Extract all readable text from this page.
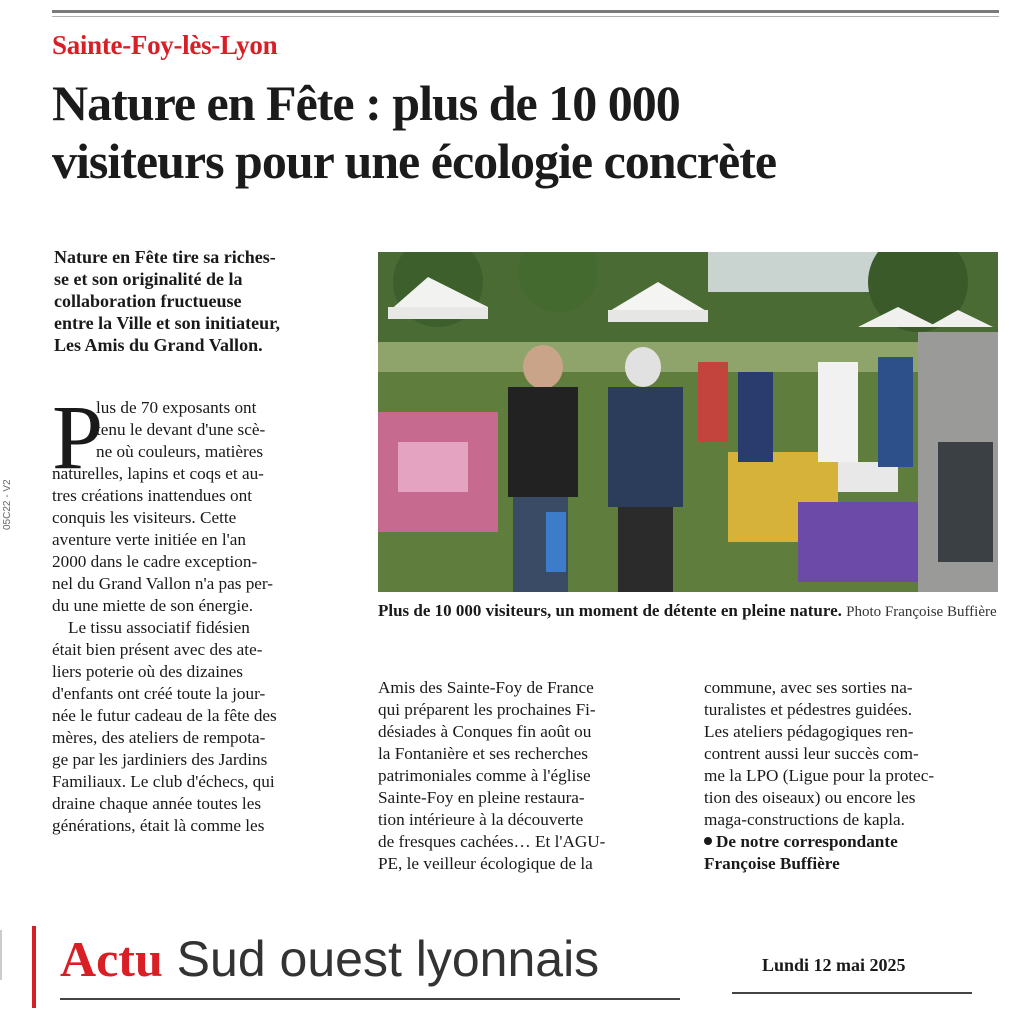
Sainte-Foy-lès-Lyon
Nature en Fête : plus de 10 000
visiteurs pour une écologie concrète
05C22 - V2
Nature en Fête tire sa riches-
se et son originalité de la
collaboration fructueuse
entre la Ville et son initiateur,
Les Amis du Grand Vallon.
Plus de 10 000 visiteurs, un moment de détente en pleine nature. Photo Françoise Buffière
P
lus de 70 exposants ont
tenu le devant d'une scè-
ne où couleurs, matières
naturelles, lapins et coqs et au-
tres créations inattendues ont
conquis les visiteurs. Cette
aventure verte initiée en l'an
2000 dans le cadre exception-
nel du Grand Vallon n'a pas per-
du une miette de son énergie.
Le tissu associatif fidésien
était bien présent avec des ate-
liers poterie où des dizaines
d'enfants ont créé toute la jour-
née le futur cadeau de la fête des
mères, des ateliers de rempota-
ge par les jardiniers des Jardins
Familiaux. Le club d'échecs, qui
draine chaque année toutes les
générations, était là comme les
Amis des Sainte-Foy de France
qui préparent les prochaines Fi-
désiades à Conques fin août ou
la Fontanière et ses recherches
patrimoniales comme à l'église
Sainte-Foy en pleine restaura-
tion intérieure à la découverte
de fresques cachées… Et l'AGU-
PE, le veilleur écologique de la
commune, avec ses sorties na-
turalistes et pédestres guidées.
Les ateliers pédagogiques ren-
contrent aussi leur succès com-
me la LPO (Ligue pour la protec-
tion des oiseaux) ou encore les
maga-constructions de kapla.
De notre correspondante
Françoise Buffière
Actu Sud ouest lyonnais	Lundi 12 mai 2025
